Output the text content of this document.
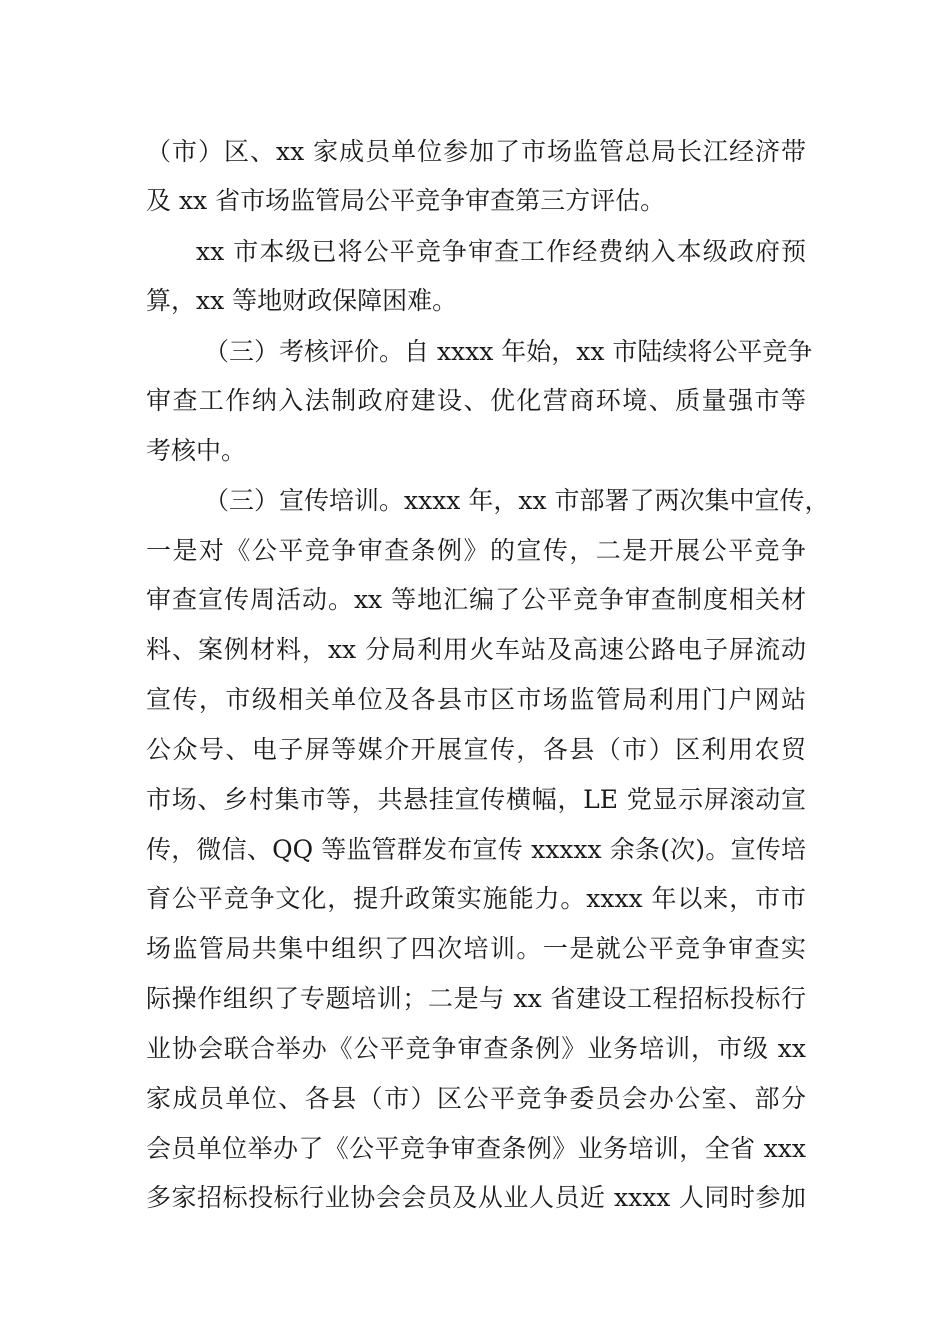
（市）区、xx 家成员单位参加了市场监管总局长江经济带
及 xx 省市场监管局公平竞争审查第三方评估。
xx 市本级已将公平竞争审查工作经费纳入本级政府预
算，xx 等地财政保障困难。
（三）考核评价。自 xxxx 年始，xx 市陆续将公平竞争
审查工作纳入法制政府建设、优化营商环境、质量强市等
考核中。
（三）宣传培训。xxxx 年，xx 市部署了两次集中宣传，
一是对《公平竞争审查条例》的宣传，二是开展公平竞争
审查宣传周活动。xx 等地汇编了公平竞争审查制度相关材
料、案例材料，xx 分局利用火车站及高速公路电子屏流动
宣传，市级相关单位及各县市区市场监管局利用门户网站
公众号、电子屏等媒介开展宣传，各县（市）区利用农贸
市场、乡村集市等，共悬挂宣传横幅，LE 党显示屏滚动宣
传，微信、QQ 等监管群发布宣传 xxxxx 余条(次)。宣传培
育公平竞争文化，提升政策实施能力。xxxx 年以来，市市
场监管局共集中组织了四次培训。一是就公平竞争审查实
际操作组织了专题培训；二是与 xx 省建设工程招标投标行
业协会联合举办《公平竞争审查条例》业务培训，市级 xx
家成员单位、各县（市）区公平竞争委员会办公室、部分
会员单位举办了《公平竞争审查条例》业务培训，全省 xxx
多家招标投标行业协会会员及从业人员近 xxxx 人同时参加
